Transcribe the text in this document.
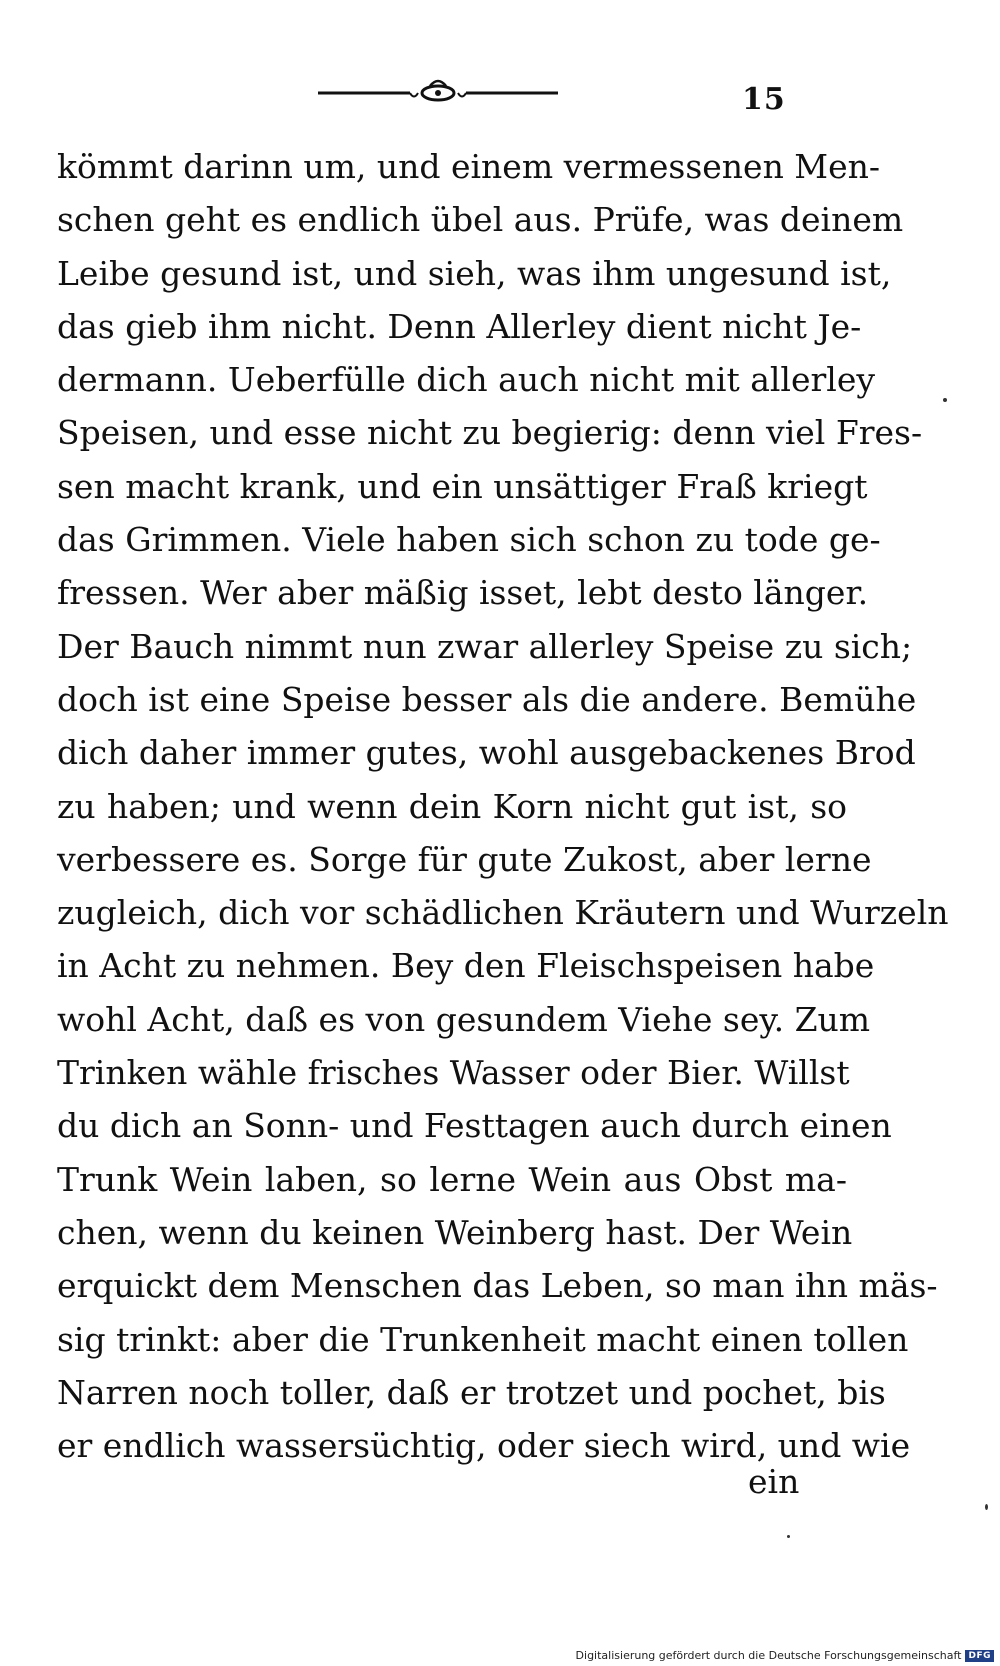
15
kömmt darinn um, und einem vermessenen Men-
schen geht es endlich übel aus. Prüfe, was deinem
Leibe gesund ist, und sieh, was ihm ungesund ist,
das gieb ihm nicht. Denn Allerley dient nicht Je-
dermann. Ueberfülle dich auch nicht mit allerley
Speisen, und esse nicht zu begierig: denn viel Fres-
sen macht krank, und ein unsättiger Fraß kriegt
das Grimmen. Viele haben sich schon zu tode ge-
fressen. Wer aber mäßig isset, lebt desto länger.
Der Bauch nimmt nun zwar allerley Speise zu sich;
doch ist eine Speise besser als die andere. Bemühe
dich daher immer gutes, wohl ausgebackenes Brod
zu haben; und wenn dein Korn nicht gut ist, so
verbessere es. Sorge für gute Zukost, aber lerne
zugleich, dich vor schädlichen Kräutern und Wurzeln
in Acht zu nehmen. Bey den Fleischspeisen habe
wohl Acht, daß es von gesundem Viehe sey. Zum
Trinken wähle frisches Wasser oder Bier. Willst
du dich an Sonn- und Festtagen auch durch einen
Trunk Wein laben, so lerne Wein aus Obst ma-
chen, wenn du keinen Weinberg hast. Der Wein
erquickt dem Menschen das Leben, so man ihn mäs-
sig trinkt: aber die Trunkenheit macht einen tollen
Narren noch toller, daß er trotzet und pochet, bis
er endlich wassersüchtig, oder siech wird, und wie
ein
Digitalisierung gefördert durch die Deutsche Forschungsgemeinschaft DFG
